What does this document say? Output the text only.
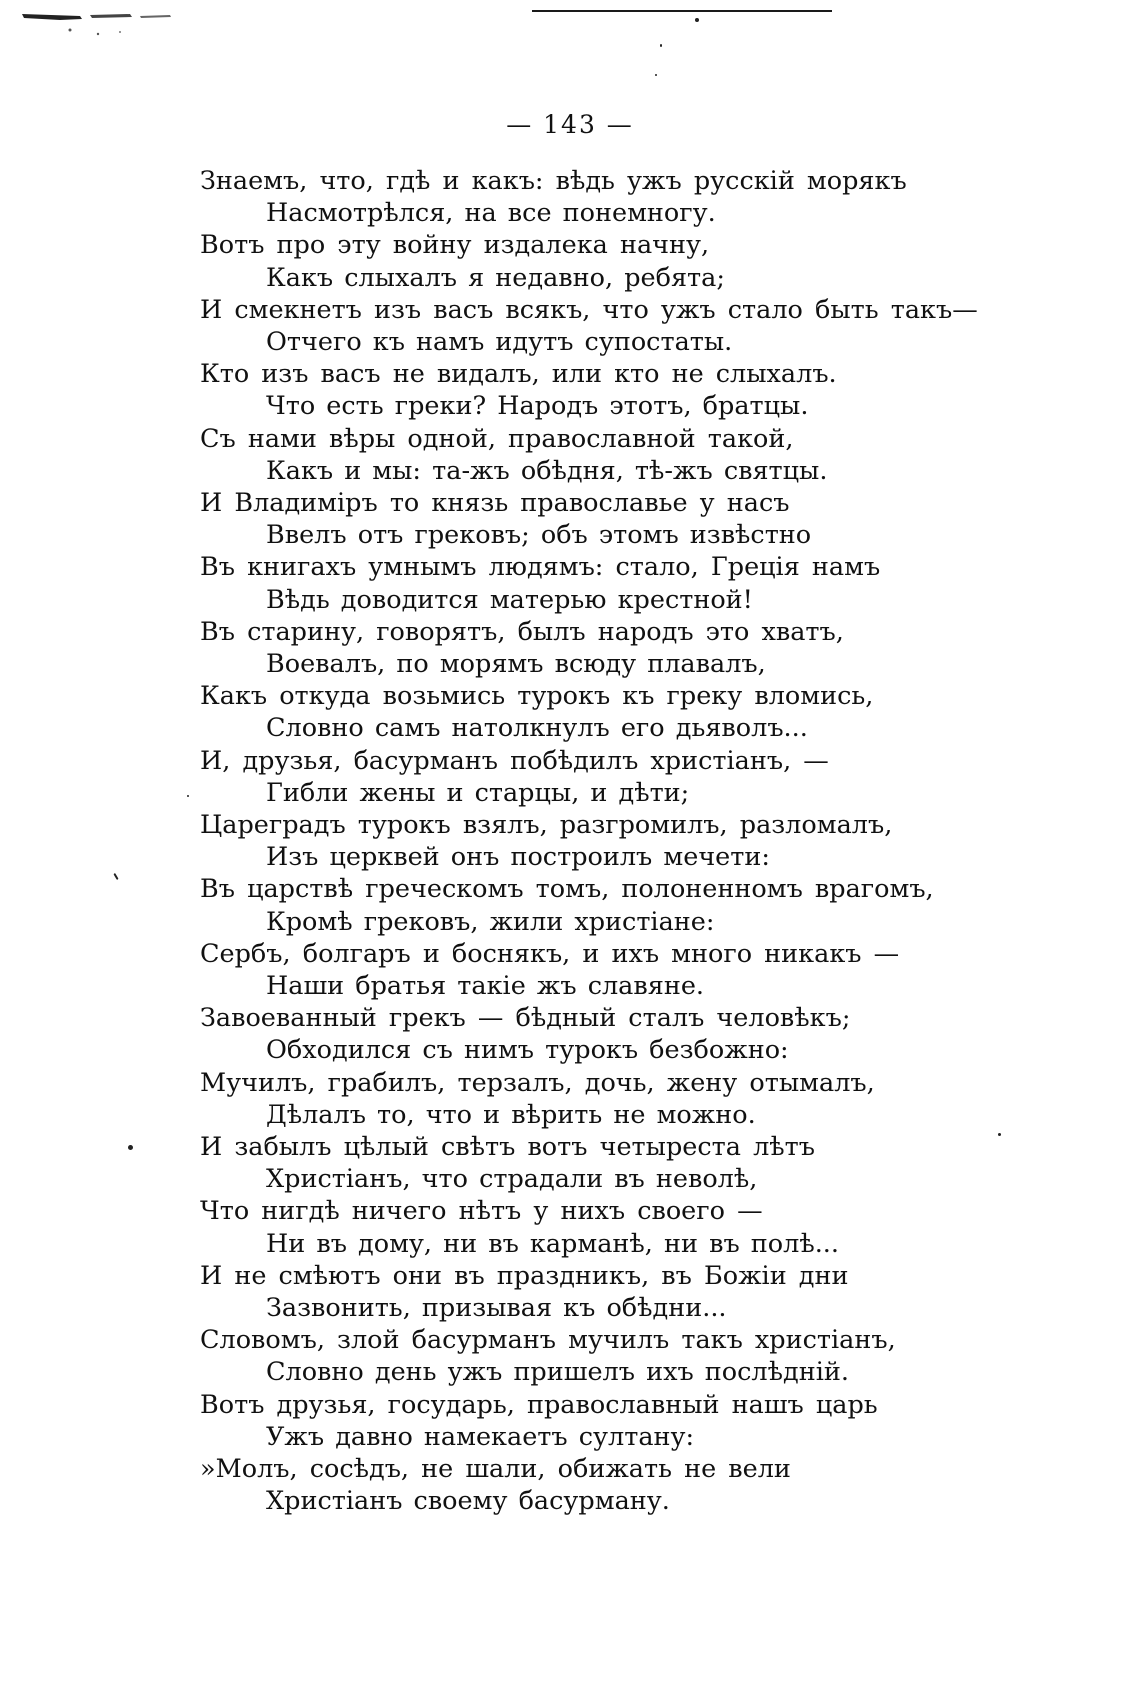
— 143 —
Знаемъ, что, гдѣ и какъ: вѣдь ужъ русскій морякъ
Насмотрѣлся, на все понемногу.
Вотъ про эту войну издалека начну,
Какъ слыхалъ я недавно, ребята;
И смекнетъ изъ васъ всякъ, что ужъ стало быть такъ—
Отчего къ намъ идутъ супостаты.
Кто изъ васъ не видалъ, или кто не слыхалъ.
Что есть греки? Народъ этотъ, братцы.
Съ нами вѣры одной, православной такой,
Какъ и мы: та-жъ обѣдня, тѣ-жъ святцы.
И Владиміръ то князь православье у насъ
Ввелъ отъ грековъ; объ этомъ извѣстно
Въ книгахъ умнымъ людямъ: стало, Греція намъ
Вѣдь доводится матерью крестной!
Въ старину, говорятъ, былъ народъ это хватъ,
Воевалъ, по морямъ всюду плавалъ,
Какъ откуда возьмись турокъ къ греку вломись,
Словно самъ натолкнулъ его дьяволъ...
И, друзья, басурманъ побѣдилъ христіанъ, —
Гибли жены и старцы, и дѣти;
Цареградъ турокъ взялъ, разгромилъ, разломалъ,
Изъ церквей онъ построилъ мечети:
Въ царствѣ греческомъ томъ, полоненномъ врагомъ,
Кромѣ грековъ, жили христіане:
Сербъ, болгаръ и боснякъ, и ихъ много никакъ —
Наши братья такіе жъ славяне.
Завоеванный грекъ — бѣдный сталъ человѣкъ;
Обходился съ нимъ турокъ безбожно:
Мучилъ, грабилъ, терзалъ, дочь, жену отымалъ,
Дѣлалъ то, что и вѣрить не можно.
И забылъ цѣлый свѣтъ вотъ четыреста лѣтъ
Христіанъ, что страдали въ неволѣ,
Что нигдѣ ничего нѣтъ у нихъ своего —
Ни въ дому, ни въ карманѣ, ни въ полѣ...
И не смѣютъ они въ праздникъ, въ Божіи дни
Зазвонить, призывая къ обѣдни...
Словомъ, злой басурманъ мучилъ такъ христіанъ,
Словно день ужъ пришелъ ихъ послѣдній.
Вотъ друзья, государь, православный нашъ царь
Ужъ давно намекаетъ султану:
»Молъ, сосѣдъ, не шали, обижать не вели
Христіанъ своему басурману.
